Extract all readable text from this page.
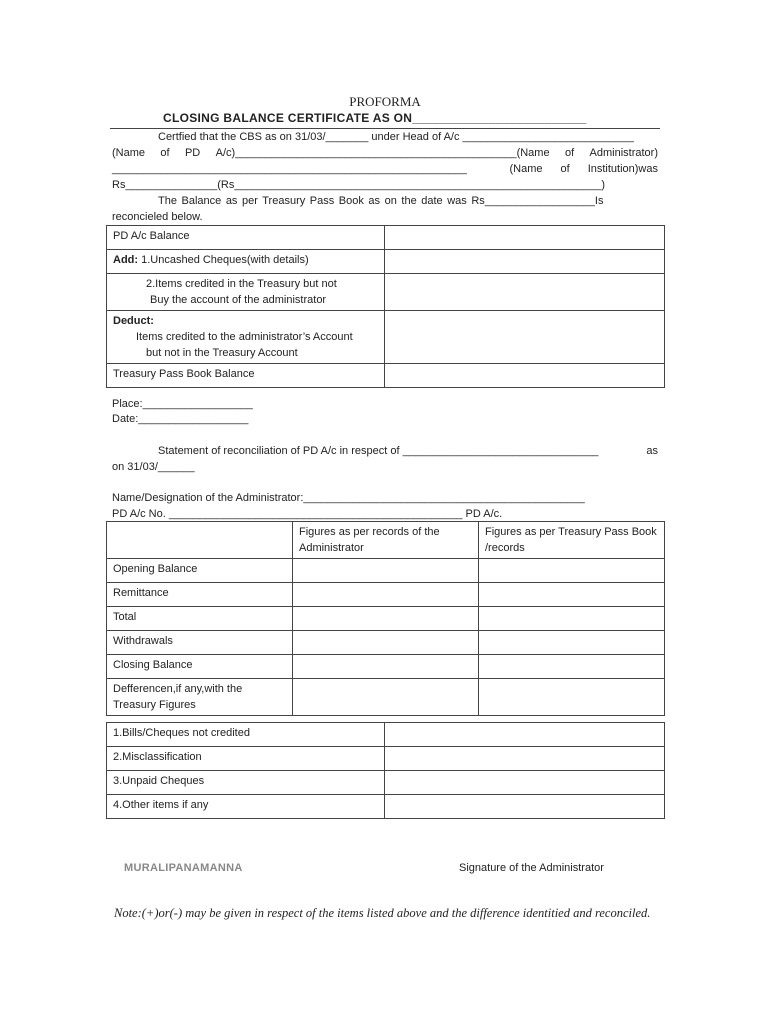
PROFORMA
CLOSING BALANCE CERTIFICATE AS ON_________________________
Certfied that the CBS as on 31/03/_______ under Head of A/c ____________________________
(Name of PD A/c)______________________________________________(Name of Administrator)
__________________________________________________________	(Name of Institution)was
Rs_______________(Rs____________________________________________________________)
The Balance as per Treasury Pass Book as on the date was Rs__________________Is
reconcieled below.
PD A/c Balance	
Add: 1.Uncashed Cheques(with details)	

2.Items credited in the Treasury but not
Buy the account of the administrator	

Deduct:
Items credited to the administrator’s Account
but not in the Treasury Account	

Treasury Pass Book Balance	
Place:__________________
Date:__________________
Statement of reconciliation of PD A/c in respect of ________________________________	as
on 31/03/______
Name/Designation of the Administrator:______________________________________________
PD A/c No. ________________________________________________ PD A/c.
	Figures as per records of the Administrator	Figures as per Treasury Pass Book /records
Opening Balance		
Remittance		
Total		
Withdrawals		
Closing Balance		
Defferencen,if any,with the Treasury Figures		
1.Bills/Cheques not credited	
2.Misclassification	
3.Unpaid Cheques	
4.Other items if any	
MURALIPANAMANNA	Signature of the Administrator
Note:(+)or(-) may be given in respect of the items listed above and the difference identitied and reconciled.
